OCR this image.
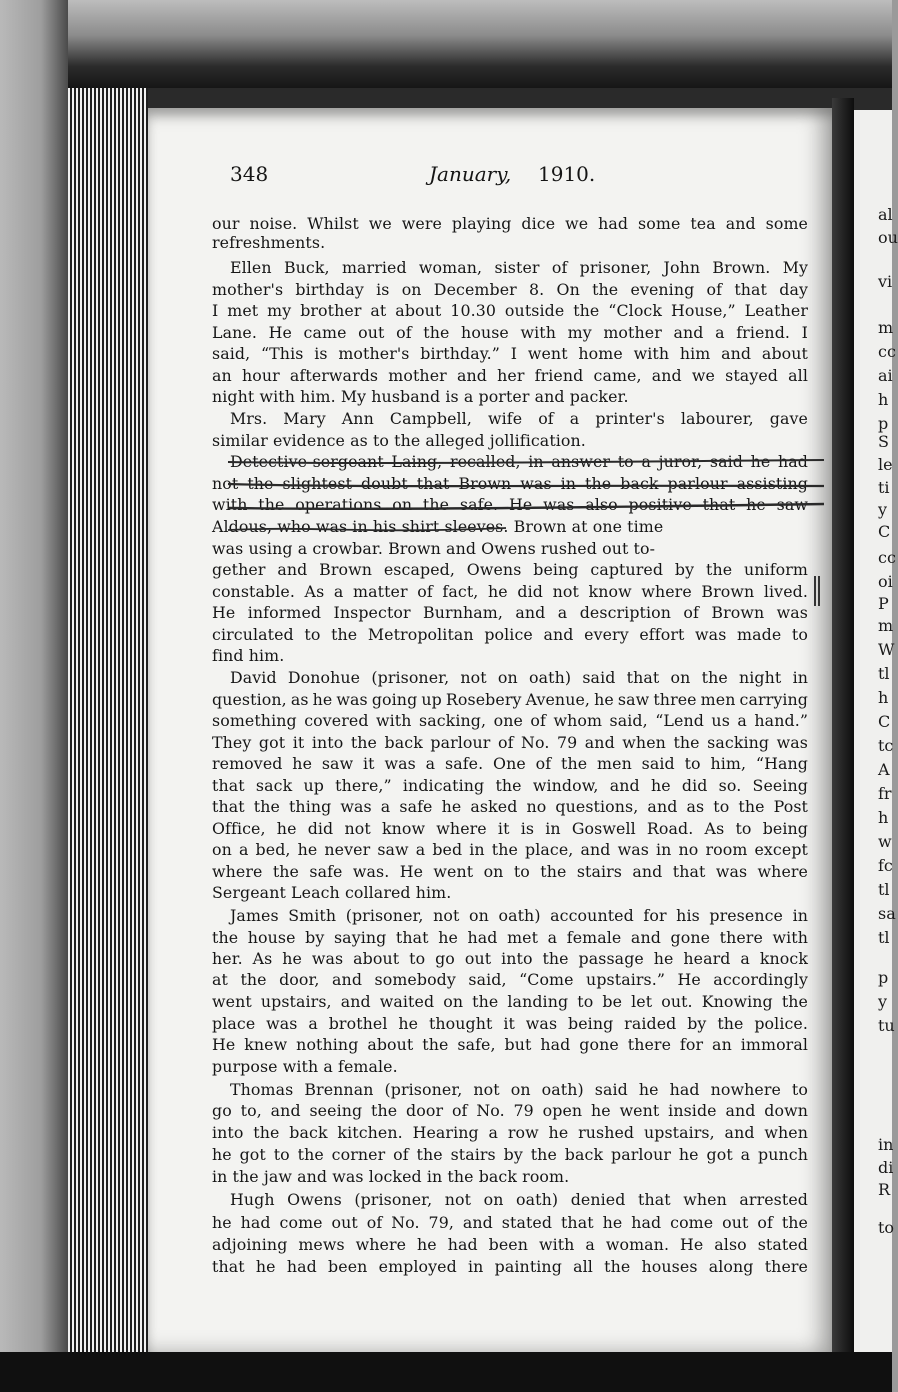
348	January, 1910.
our noise. Whilst we were playing dice we had some tea and some
refreshments.
Ellen Buck, married woman, sister of prisoner, John Brown. My
mother's birthday is on December 8. On the evening of that day
I met my brother at about 10.30 outside the “Clock House,” Leather
Lane. He came out of the house with my mother and a friend. I
said, “This is mother's birthday.” I went home with him and about
an hour afterwards mother and her friend came, and we stayed all
night with him. My husband is a porter and packer.
Mrs. Mary Ann Campbell, wife of a printer's labourer, gave
similar evidence as to the alleged jollification.
Detective-sergeant Laing, recalled, in answer to a juror, said he had
not the slightest doubt that Brown was in the back parlour assisting
with the operations on the safe. He was also positive that he saw
Aldous, who was in his shirt sleeves. Brown at one time
was using a crowbar. Brown and Owens rushed out to-
gether and Brown escaped, Owens being captured by the uniform
constable. As a matter of fact, he did not know where Brown lived.
He informed Inspector Burnham, and a description of Brown was
circulated to the Metropolitan police and every effort was made to
find him.
David Donohue (prisoner, not on oath) said that on the night in
question, as he was going up Rosebery Avenue, he saw three men carrying
something covered with sacking, one of whom said, “Lend us a hand.”
They got it into the back parlour of No. 79 and when the sacking was
removed he saw it was a safe. One of the men said to him, “Hang
that sack up there,” indicating the window, and he did so. Seeing
that the thing was a safe he asked no questions, and as to the Post
Office, he did not know where it is in Goswell Road. As to being
on a bed, he never saw a bed in the place, and was in no room except
where the safe was. He went on to the stairs and that was where
Sergeant Leach collared him.
James Smith (prisoner, not on oath) accounted for his presence in
the house by saying that he had met a female and gone there with
her. As he was about to go out into the passage he heard a knock
at the door, and somebody said, “Come upstairs.” He accordingly
went upstairs, and waited on the landing to be let out. Knowing the
place was a brothel he thought it was being raided by the police.
He knew nothing about the safe, but had gone there for an immoral
purpose with a female.
Thomas Brennan (prisoner, not on oath) said he had nowhere to
go to, and seeing the door of No. 79 open he went inside and down
into the back kitchen. Hearing a row he rushed upstairs, and when
he got to the corner of the stairs by the back parlour he got a punch
in the jaw and was locked in the back room.
Hugh Owens (prisoner, not on oath) denied that when arrested
he had come out of No. 79, and stated that he had come out of the
adjoining mews where he had been with a woman. He also stated
that he had been employed in painting all the houses along there
al
ou
vi
m
cc
ai
h
p
S
le
ti
y
C
cc
oi
P
m
W
tl
h
C
tc
A
fr
h
w
fc
tl
sa
tl
p
y
tu
in
di
R
to
